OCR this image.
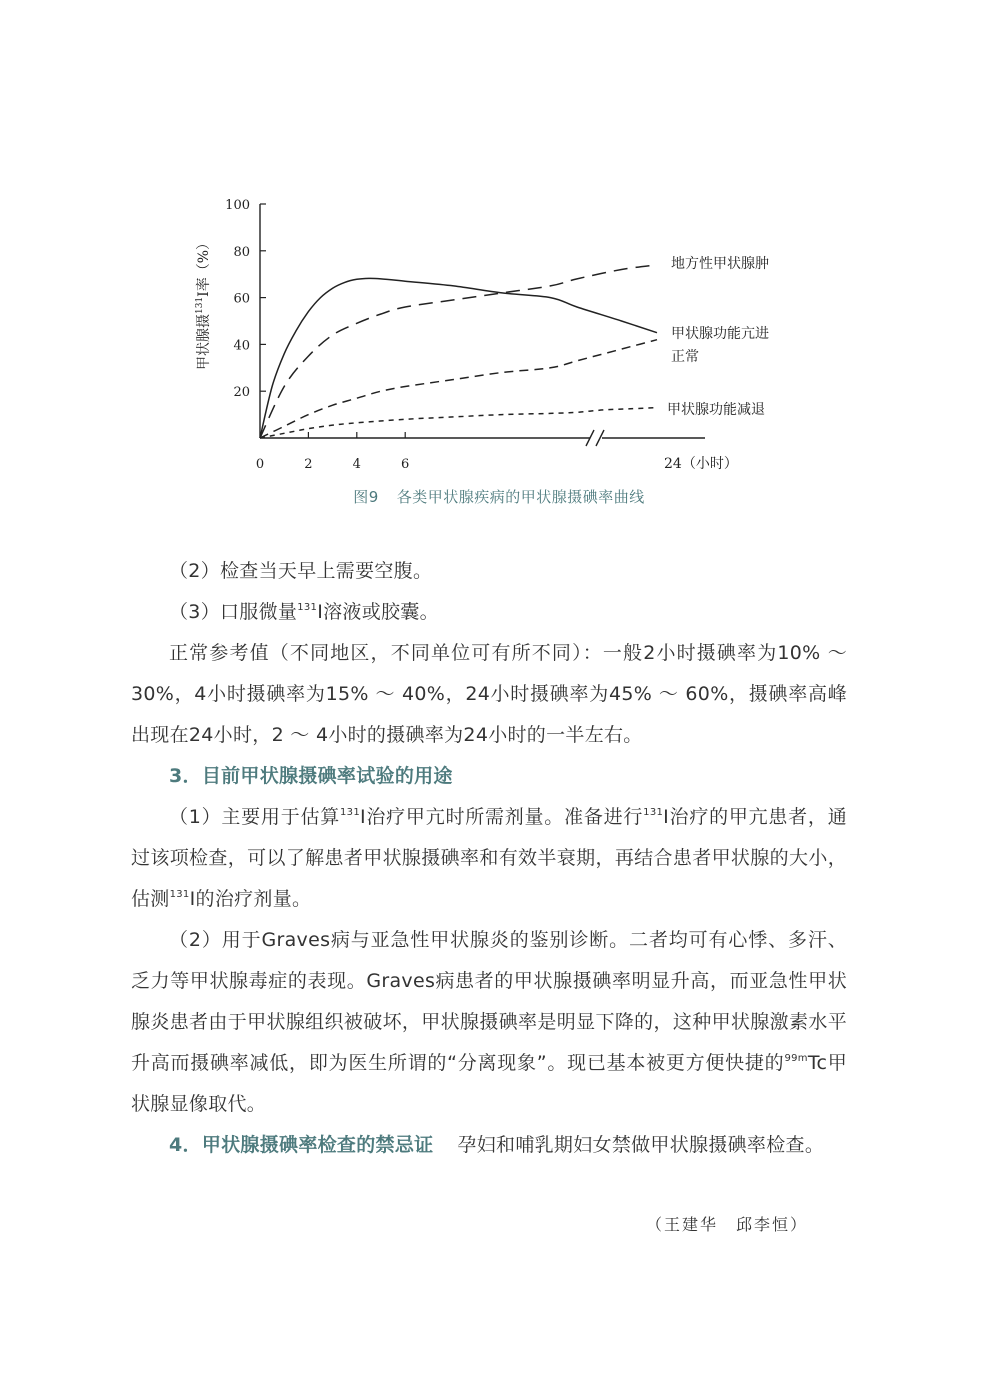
20
40
60
80
100
0	2	4	6
甲状腺摄$^{131}$I率（%）
24（小时）
地方性甲状腺肿
甲状腺功能亢进
正常
甲状腺功能减退
图9 各类甲状腺疾病的甲状腺摄碘率曲线

（2）检查当天早上需要空腹。

（3）口服微量$^{131}$I溶液或胶囊。

正常参考值（不同地区，不同单位可有所不同）：一般2小时摄碘率为10% ～ 30%，4小时摄碘率为15% ～ 40%，24小时摄碘率为45% ～ 60%，摄碘率高峰出现在24小时，2 ～ 4小时的摄碘率为24小时的一半左右。

3．目前甲状腺摄碘率试验的用途

（1）主要用于估算$^{131}$I治疗甲亢时所需剂量。准备进行$^{131}$I治疗的甲亢患者，通过该项检查，可以了解患者甲状腺摄碘率和有效半衰期，再结合患者甲状腺的大小，估测$^{131}$I的治疗剂量。

（2）用于Graves病与亚急性甲状腺炎的鉴别诊断。二者均可有心悸、多汗、乏力等甲状腺毒症的表现。Graves病患者的甲状腺摄碘率明显升高，而亚急性甲状腺炎患者由于甲状腺组织被破坏，甲状腺摄碘率是明显下降的，这种甲状腺激素水平升高而摄碘率减低，即为医生所谓的“分离现象”。现已基本被更方便快捷的$^{99m}$Tc甲状腺显像取代。

4．甲状腺摄碘率检查的禁忌证 孕妇和哺乳期妇女禁做甲状腺摄碘率检查。

（王建华　邱李恒）
